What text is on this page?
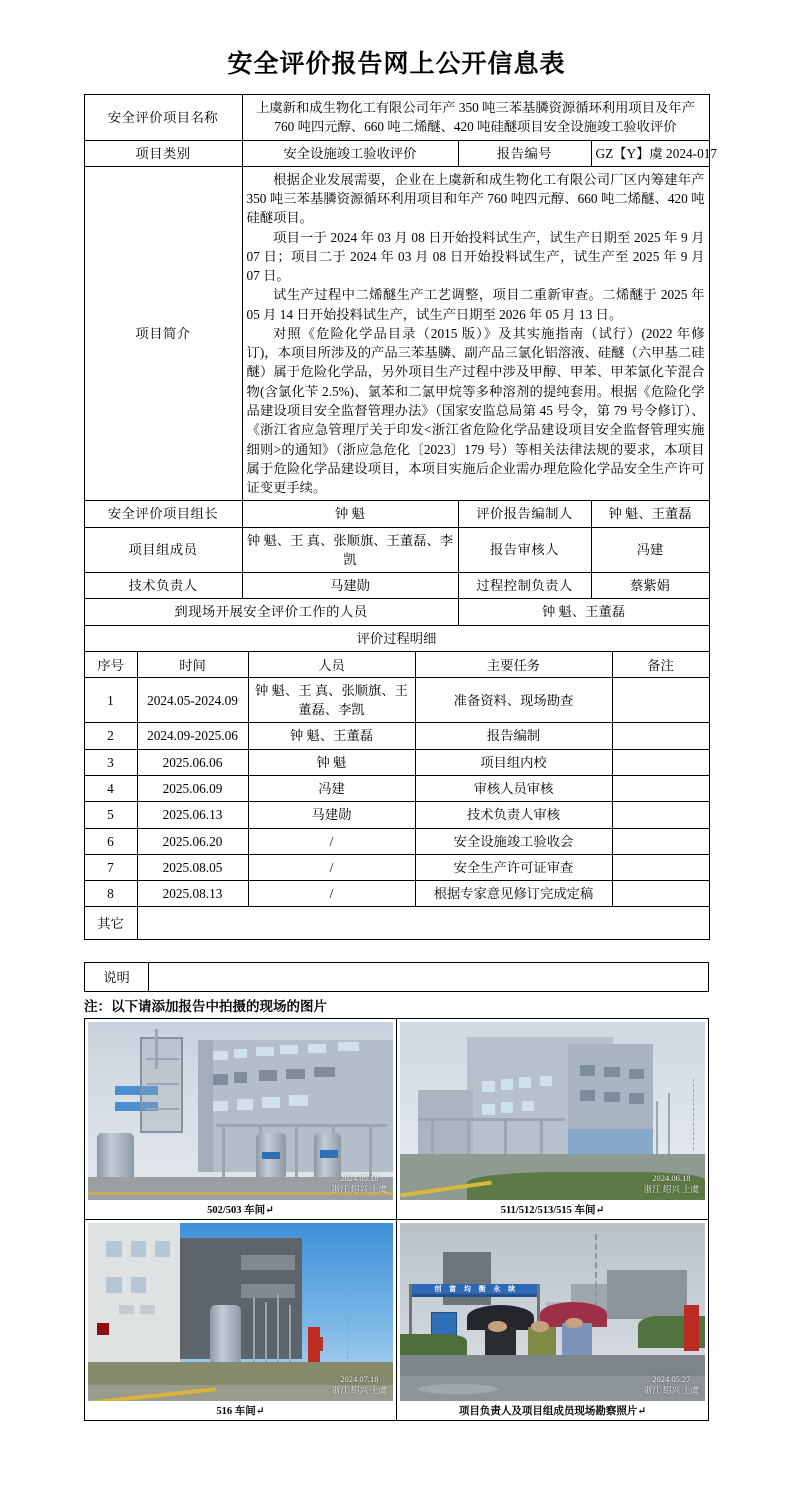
安全评价报告网上公开信息表
安全评价项目名称	上虞新和成生物化工有限公司年产 350 吨三苯基膦资源循环利用项目及年产 760 吨四元醇、660 吨二烯醚、420 吨硅醚项目安全设施竣工验收评价		
项目类别	安全设施竣工验收评价	报告编号	GZ【Y】虞 2024-017
项目简介	根据企业发展需要，企业在上虞新和成生物化工有限公司厂区内筹建年产 350 吨三苯基膦资源循环利用项目和年产 760 吨四元醇、660 吨二烯醚、420 吨硅醚项目。

项目一于 2024 年 03 月 08 日开始投料试生产，试生产日期至 2025 年 9 月 07 日；项目二于 2024 年 03 月 08 日开始投料试生产，试生产至 2025 年 9 月 07 日。

试生产过程中二烯醚生产工艺调整，项目二重新审查。二烯醚于 2025 年 05 月 14 日开始投料试生产，试生产日期至 2026 年 05 月 13 日。

对照《危险化学品目录（2015 版）》及其实施指南（试行）(2022 年修订)，本项目所涉及的产品三苯基膦、副产品三氯化铝溶液、硅醚（六甲基二硅醚）属于危险化学品，另外项目生产过程中涉及甲醇、甲苯、甲苯氯化苄混合物(含氯化苄 2.5%)、氯苯和二氯甲烷等多种溶剂的提纯套用。根据《危险化学品建设项目安全监督管理办法》（国家安监总局第 45 号令，第 79 号令修订）、《浙江省应急管理厅关于印发<浙江省危险化学品建设项目安全监督管理实施细则>的通知》（浙应急危化〔2023〕179 号）等相关法律法规的要求，本项目属于危险化学品建设项目，本项目实施后企业需办理危险化学品安全生产许可证变更手续。		

安全评价项目组长	钟 魁	评价报告编制人	钟 魁、王董磊
项目组成员	钟 魁、王 真、张顺旗、王董磊、李凯	报告审核人	冯建
技术负责人	马建勋	过程控制负责人	蔡紫娟
到现场开展安全评价工作的人员		钟 魁、王董磊	
评价过程明细			
序号	时间	人员	主要任务	备注
1	2024.05-2024.09	钟 魁、王 真、张顺旗、王董磊、李凯	准备资料、现场勘查	
2	2024.09-2025.06	钟 魁、王董磊	报告编制	
3	2025.06.06	钟 魁	项目组内校	
4	2025.06.09	冯建	审核人员审核	
5	2025.06.13	马建勋	技术负责人审核	
6	2025.06.20	/	安全设施竣工验收会	
7	2025.08.05	/	安全生产许可证审查	
8	2025.08.13	/	根据专家意见修订完成定稿	
其它				
说明	
注：以下请添加报告中拍摄的现场的图片
2024.05.18
浙江 绍兴 上虞
502/503 车间↵

2024.06.18
浙江 绍兴 上虞
511/512/513/515 车间↵

2024.07.18
浙江 绍兴 上虞
516 车间↵

创 富 均 衡 永 续
2024.05.27
浙江 绍兴 上虞
项目负责人及项目组成员现场勘察照片↵
